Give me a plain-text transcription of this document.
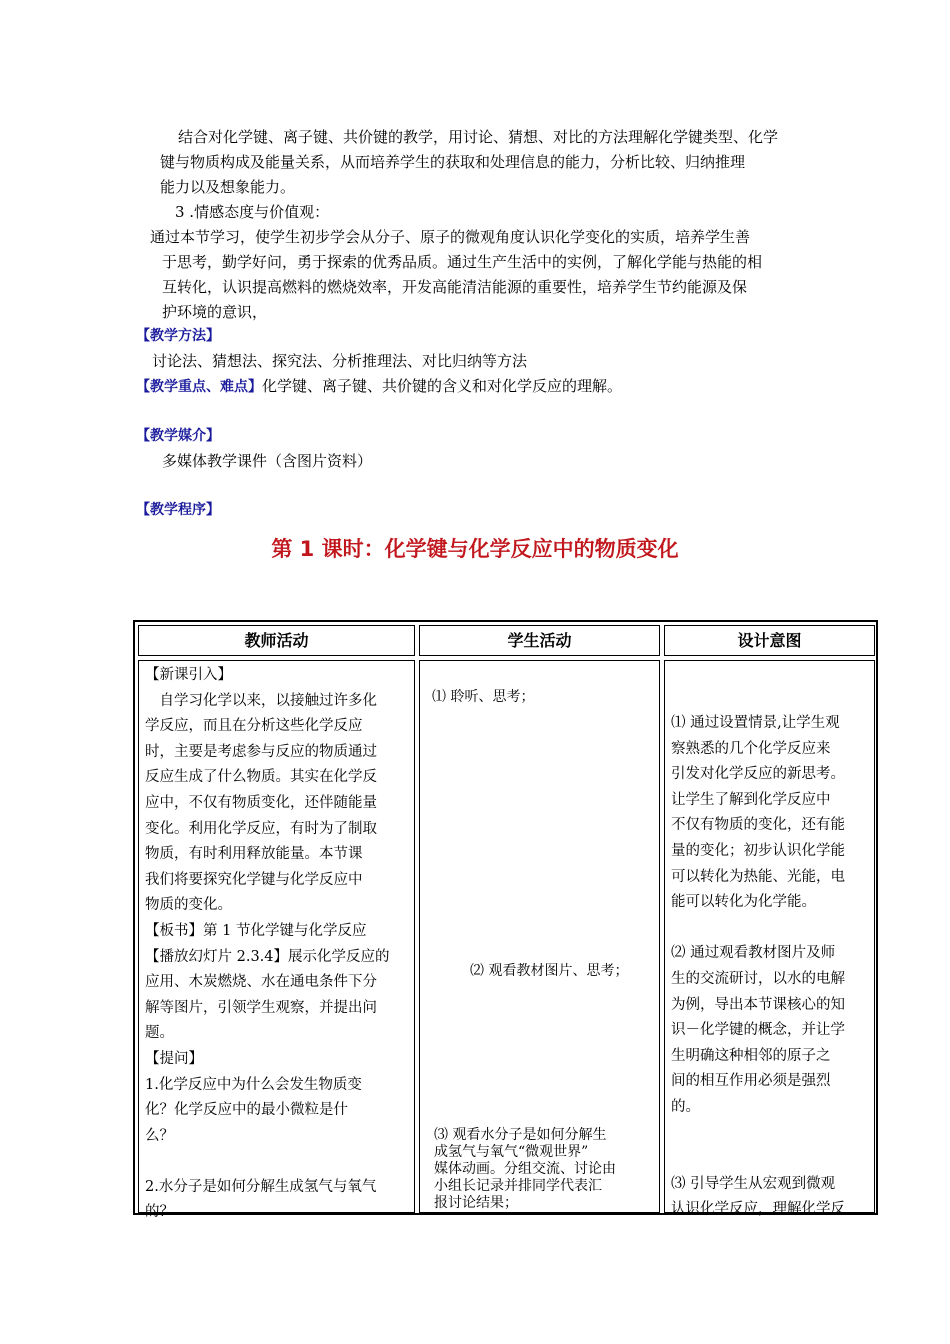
结合对化学键、离子键、共价键的教学，用讨论、猜想、对比的方法理解化学键类型、化学
键与物质构成及能量关系，从而培养学生的获取和处理信息的能力，分析比较、归纳推理
能力以及想象能力。
3 .情感态度与价值观：
通过本节学习，使学生初步学会从分子、原子的微观角度认识化学变化的实质，培养学生善
于思考，勤学好问，勇于探索的优秀品质。通过生产生活中的实例，了解化学能与热能的相
互转化，认识提高燃料的燃烧效率，开发高能清洁能源的重要性，培养学生节约能源及保
护环境的意识，
【教学方法】
讨论法、猜想法、探究法、分析推理法、对比归纳等方法
【教学重点、难点】化学键、离子键、共价键的含义和对化学反应的理解。
【教学媒介】
多媒体教学课件（含图片资料）
【教学程序】
第 1 课时：化学键与化学反应中的物质变化
教师活动	学生活动	设计意图
【新课引入】
　自学习化学以来，以接触过许多化
学反应，而且在分析这些化学反应
时，主要是考虑参与反应的物质通过
反应生成了什么物质。其实在化学反
应中，不仅有物质变化，还伴随能量
变化。利用化学反应，有时为了制取
物质，有时利用释放能量。本节课
我们将要探究化学键与化学反应中
物质的变化。
【板书】第 1 节化学键与化学反应
【播放幻灯片 2.3.4】展示化学反应的
应用、木炭燃烧、水在通电条件下分
解等图片，引领学生观察，并提出问
题。
【提问】
1.化学反应中为什么会发生物质变
化？化学反应中的最小微粒是什
么？
2.水分子是如何分解生成氢气与氧气
的？
⑴ 聆听、思考；
⑵ 观看教材图片、思考；
⑶ 观看水分子是如何分解生
成氢气与氧气“微观世界”
媒体动画。分组交流、讨论由
小组长记录并排同学代表汇
报讨论结果；
⑴ 通过设置情景,让学生观
察熟悉的几个化学反应来
引发对化学反应的新思考。
让学生了解到化学反应中
不仅有物质的变化，还有能
量的变化；初步认识化学能
可以转化为热能、光能，电
能可以转化为化学能。
⑵ 通过观看教材图片及师
生的交流研讨，以水的电解
为例，导出本节课核心的知
识－化学键的概念，并让学
生明确这种相邻的原子之
间的相互作用必须是强烈
的。
⑶ 引导学生从宏观到微观
认识化学反应，理解化学反
